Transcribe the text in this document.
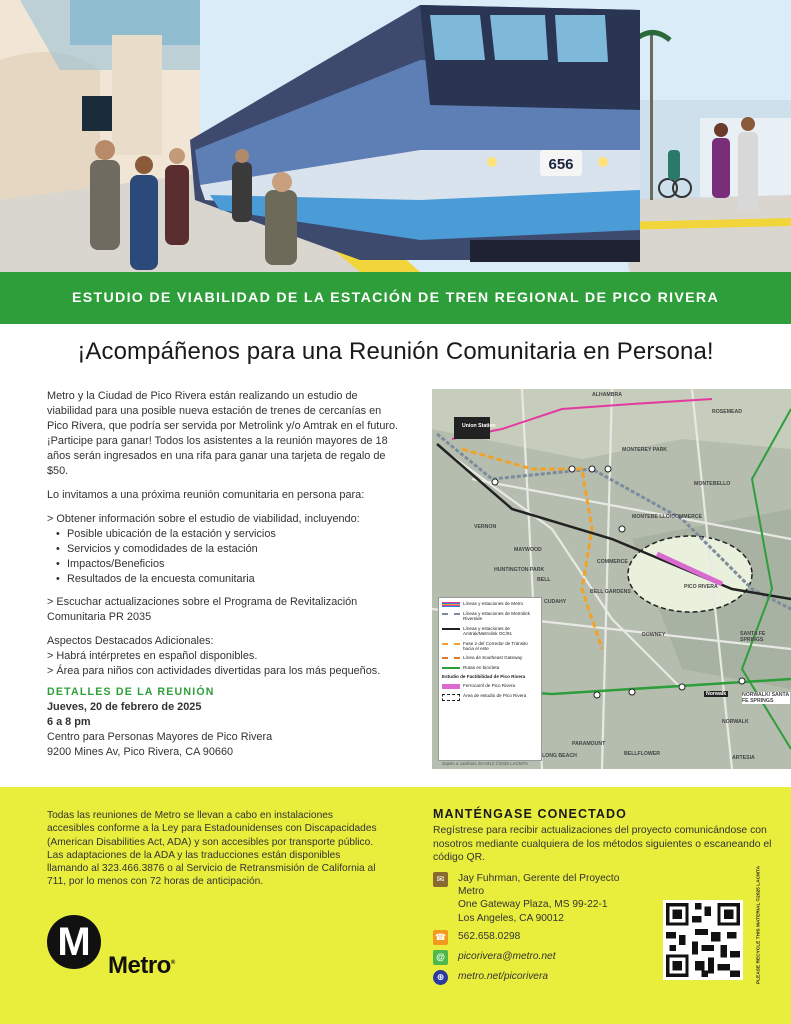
656
ESTUDIO DE VIABILIDAD DE LA ESTACIÓN DE TREN REGIONAL DE PICO RIVERA
¡Acompáñenos para una Reunión Comunitaria en Persona!

Metro y la Ciudad de Pico Rivera están realizando un estudio de viabilidad para una posible nueva estación de trenes de cercanías en Pico Rivera, que podría ser servida por Metrolink y/o Amtrak en el futuro. ¡Participe para ganar! Todos los asistentes a la reunión mayores de 18 años serán ingresados en una rifa para ganar una tarjeta de regalo de $50.

Lo invitamos a una próxima reunión comunitaria en persona para:

> Obtener información sobre el estudio de viabilidad, incluyendo:
• Posible ubicación de la estación y servicios
• Servicios y comodidades de la estación
• Impactos/Beneficios
• Resultados de la encuesta comunitaria

> Escuchar actualizaciones sobre el Programa de Revitalización Comunitaria PR 2035

Aspectos Destacados Adicionales:
> Habrá intérpretes en español disponibles.
> Área para niños con actividades divertidas para los más pequeños.
DETALLES DE LA REUNIÓN
Jueves, 20 de febrero de 2025
6 a 8 pm
Centro para Personas Mayores de Pico Rivera
9200 Mines Av, Pico Rivera, CA 90660
Union Station
ALHAMBRA
ROSEMEAD
MONTEREY PARK
MONTEBELLO
MONTEBE LLO/COMMERCE
VERNON
MAYWOOD
COMMERCE
HUNTINGTON PARK
BELL
BELL GARDENS
CUDAHY
PICO RIVERA
DOWNEY	SANTA FE SPRINGS
Norwalk	NORWALK/ SANTA FE SPRINGS
NORWALK
PARAMOUNT
BELLFLOWER
LONG BEACH	ARTESIA
Líneas y estaciones de Metro
Líneas y estaciones de Metrolink Riverside
Líneas y estaciones de Amtrak/Metrolink OC/91
Fase 2 del Corredor de Tránsito hacia el este
Línea de Southeast Gateway
Rutas en bicicleta
Estudio de Factibilidad de Pico Rivera
Ferrocarril de Pico Rivera
Área de estudio de Pico Rivera
Sujeto a cambios 25-0312 ©2025 LACMTA
Todas las reuniones de Metro se llevan a cabo en instalaciones accesibles conforme a la Ley para Estadounidenses con Discapacidades (American Disabilities Act, ADA) y son accesibles por transporte público. Las adaptaciones de la ADA y las traducciones están disponibles llamando al 323.466.3876 o al Servicio de Retransmisión de California al 711, por lo menos con 72 horas de anticipación.
M
Metro®
MANTÉNGASE CONECTADO
Regístrese para recibir actualizaciones del proyecto comunicándose con nosotros mediante cualquiera de los métodos siguientes o escaneando el código QR.
✉	Jay Fuhrman, Gerente del Proyecto
Metro
One Gateway Plaza, MS 99-22-1
Los Angeles, CA 90012
☎ 562.658.0298
@	picorivera@metro.net
⊕	metro.net/picorivera	PLEASE RECYCLE THIS MATERIAL ©2025 LACMTA
